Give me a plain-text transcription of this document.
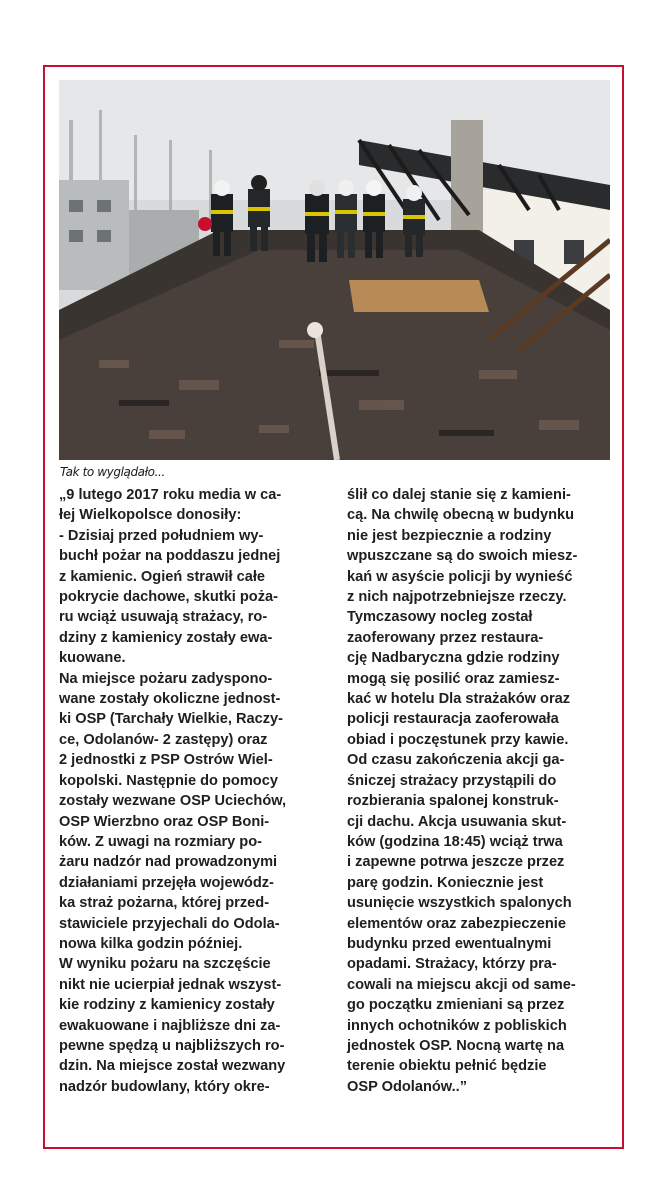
Tak to wyglądało...

„9 lutego 2017 roku media w ca-
łej Wielkopolsce donosiły:

- Dzisiaj przed południem wy-
buchł pożar na poddaszu jednej
z kamienic. Ogień strawił całe
pokrycie dachowe, skutki poża-
ru wciąż usuwają strażacy, ro-
dziny z kamienicy zostały ewa-
kuowane.

Na miejsce pożaru zadyspono-
wane zostały okoliczne jednost-
ki OSP (Tarchały Wielkie, Raczy-
ce, Odolanów- 2 zastępy) oraz
2 jednostki z PSP Ostrów Wiel-
kopolski. Następnie do pomocy
zostały wezwane OSP Uciechów,
OSP Wierzbno oraz OSP Boni-
ków. Z uwagi na rozmiary po-
żaru nadzór nad prowadzonymi
działaniami przejęła wojewódz-
ka straż pożarna, której przed-
stawiciele przyjechali do Odola-
nowa kilka godzin później.

W wyniku pożaru na szczęście
nikt nie ucierpiał jednak wszyst-
kie rodziny z kamienicy zostały
ewakuowane i najbliższe dni za-
pewne spędzą u najbliższych ro-
dzin. Na miejsce został wezwany
nadzór budowlany, który okre-

ślił co dalej stanie się z kamieni-
cą. Na chwilę obecną w budynku
nie jest bezpiecznie a rodziny
wpuszczane są do swoich miesz-
kań w asyście policji by wynieść
z nich najpotrzebniejsze rzeczy.

Tymczasowy nocleg został
zaoferowany przez restaura-
cję Nadbaryczna gdzie rodziny
mogą się posilić oraz zamiesz-
kać w hotelu Dla strażaków oraz
policji restauracja zaoferowała
obiad i poczęstunek przy kawie.
Od czasu zakończenia akcji ga-
śniczej strażacy przystąpili do
rozbierania spalonej konstruk-
cji dachu. Akcja usuwania skut-
ków (godzina 18:45) wciąż trwa
i zapewne potrwa jeszcze przez
parę godzin. Koniecznie jest
usunięcie wszystkich spalonych
elementów oraz zabezpieczenie
budynku przed ewentualnymi
opadami. Strażacy, którzy pra-
cowali na miejscu akcji od same-
go początku zmieniani są przez
innych ochotników z pobliskich
jednostek OSP. Nocną wartę na
terenie obiektu pełnić będzie
OSP Odolanów..”
